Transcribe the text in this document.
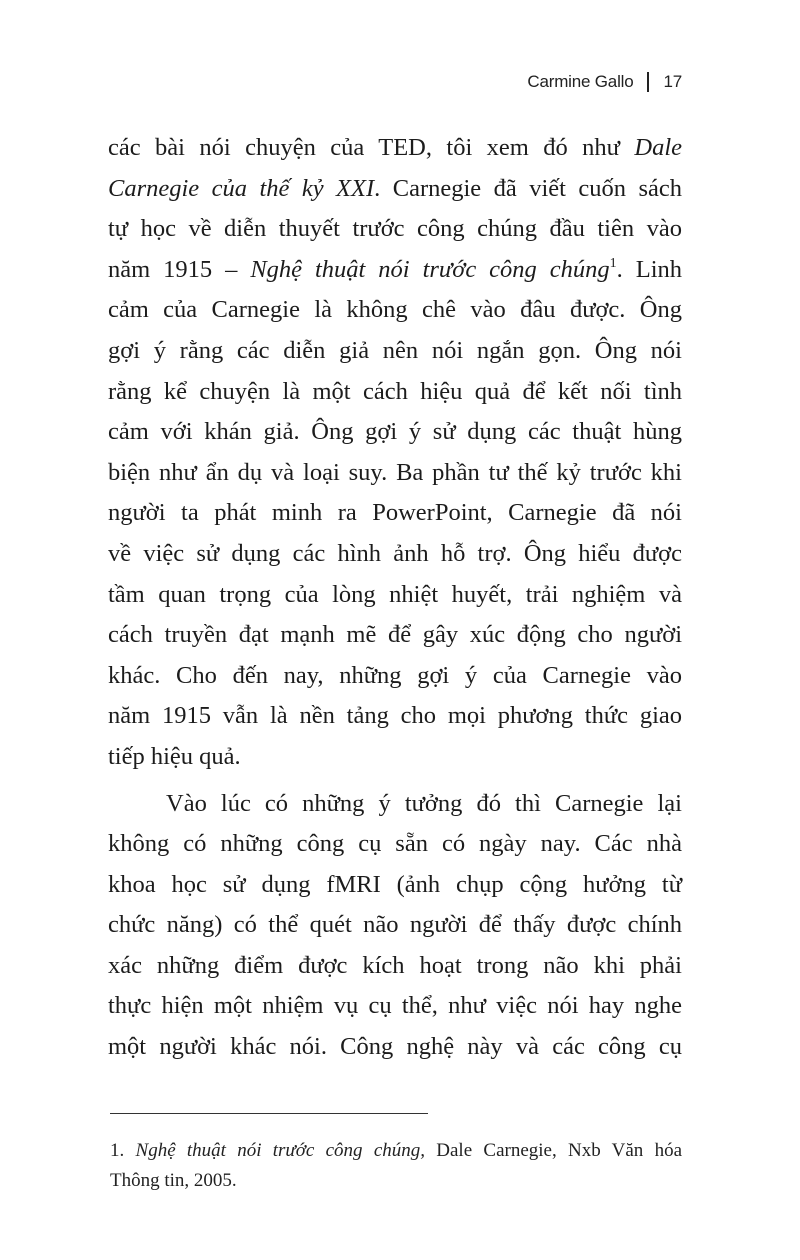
Carmine Gallo 17

các bài nói chuyện của TED, tôi xem đó như Dale
Carnegie của thế kỷ XXI. Carnegie đã viết cuốn sách
tự học về diễn thuyết trước công chúng đầu tiên vào
năm 1915 – Nghệ thuật nói trước công chúng$^1$. Linh
cảm của Carnegie là không chê vào đâu được. Ông
gợi ý rằng các diễn giả nên nói ngắn gọn. Ông nói
rằng kể chuyện là một cách hiệu quả để kết nối tình
cảm với khán giả. Ông gợi ý sử dụng các thuật hùng
biện như ẩn dụ và loại suy. Ba phần tư thế kỷ trước khi
người ta phát minh ra PowerPoint, Carnegie đã nói
về việc sử dụng các hình ảnh hỗ trợ. Ông hiểu được
tầm quan trọng của lòng nhiệt huyết, trải nghiệm và
cách truyền đạt mạnh mẽ để gây xúc động cho người
khác. Cho đến nay, những gợi ý của Carnegie vào
năm 1915 vẫn là nền tảng cho mọi phương thức giao
tiếp hiệu quả.

Vào lúc có những ý tưởng đó thì Carnegie lại
không có những công cụ sẵn có ngày nay. Các nhà
khoa học sử dụng fMRI (ảnh chụp cộng hưởng từ
chức năng) có thể quét não người để thấy được chính
xác những điểm được kích hoạt trong não khi phải
thực hiện một nhiệm vụ cụ thể, như việc nói hay nghe
một người khác nói. Công nghệ này và các công cụ

1. Nghệ thuật nói trước công chúng, Dale Carnegie, Nxb Văn hóa
Thông tin, 2005.
